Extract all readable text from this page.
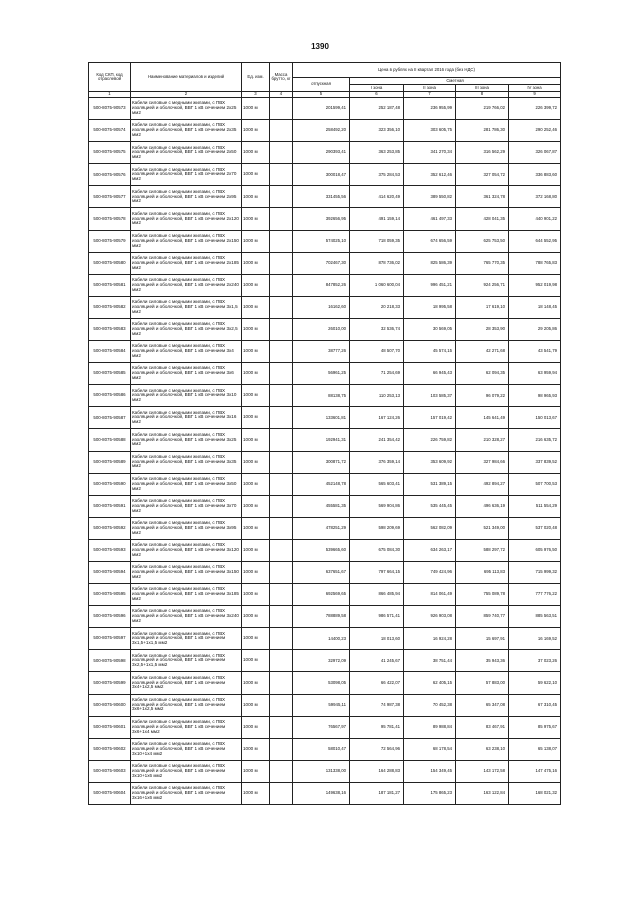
1390
Код СКП, код отраслевой	Наименование материалов и изделий	Ед. изм.	Масса брутто, кг	Цена в рублях на II квартал 2016 года (без НДС)				
				отпускная	Сметная			
					I зона	II зона	III зона	IV зона
1	2	3	4	5	6	7	8	9
500-8075-90573	Кабели силовые с медными жилами, с ПВХ изоляцией и оболочкой, ВВГ 1 кВ сечением 2х25 мм2	1000 м		201599,41	252 187,48	236 955,99	219 766,02	226 399,72
500-8075-90574	Кабели силовые с медными жилами, с ПВХ изоляцией и оболочкой, ВВГ 1 кВ сечением 2х35 мм2	1000 м		258492,20	323 356,10	303 605,75	281 786,30	290 252,46
500-8075-90575	Кабели силовые с медными жилами, с ПВХ изоляцией и оболочкой, ВВГ 1 кВ сечением 2х50 мм2	1000 м		290393,41	363 253,85	341 270,34	316 562,29	326 067,87
500-8075-90576	Кабели силовые с медными жилами, с ПВХ изоляцией и оболочкой, ВВГ 1 кВ сечением 2х70 мм2	1000 м		300018,47	375 284,53	352 612,46	327 054,72	336 883,60
500-8075-90577	Кабели силовые с медными жилами, с ПВХ изоляцией и оболочкой, ВВГ 1 кВ сечением 2х95 мм2	1000 м		331455,56	414 620,49	389 550,82	361 324,78	372 168,80
500-8075-90578	Кабели силовые с медными жилами, с ПВХ изоляцией и оболочкой, ВВГ 1 кВ сечением 2х120 мм2	1000 м		392656,95	491 159,14	461 497,33	428 041,35	440 901,22
500-8075-90579	Кабели силовые с медными жилами, с ПВХ изоляцией и оболочкой, ВВГ 1 кВ сечением 2х150 мм2	1000 м		574025,10	718 059,35	674 656,59	625 753,50	644 552,95
500-8075-90580	Кабели силовые с медными жилами, с ПВХ изоляцией и оболочкой, ВВГ 1 кВ сечением 2х185 мм2	1000 м		702467,30	878 736,02	825 586,39	765 770,35	788 765,83
500-8075-90581	Кабели силовые с медными жилами, с ПВХ изоляцией и оболочкой, ВВГ 1 кВ сечением 2х240 мм2	1000 м		847852,26	1 060 600,04	996 451,21	924 256,71	952 019,98
500-8075-90582	Кабели силовые с медными жилами, с ПВХ изоляцией и оболочкой, ВВГ 1 кВ сечением 3х1,5 мм2	1000 м		16162,60	20 218,33	18 995,58	17 619,10	18 148,45
500-8075-90583	Кабели силовые с медными жилами, с ПВХ изоляцией и оболочкой, ВВГ 1 кВ сечением 3х2,5 мм2	1000 м		26010,00	32 536,74	30 569,05	28 353,90	29 205,86
500-8075-90584	Кабели силовые с медными жилами, с ПВХ изоляцией и оболочкой, ВВГ 1 кВ сечением 3х4 мм2	1000 м		38777,26	48 507,70	45 574,15	42 271,68	43 541,79
500-8075-90585	Кабели силовые с медными жилами, с ПВХ изоляцией и оболочкой, ВВГ 1 кВ сечением 3х6 мм2	1000 м		56961,25	71 254,69	66 945,43	62 094,35	63 959,94
500-8075-90586	Кабели силовые с медными жилами, с ПВХ изоляцией и оболочкой, ВВГ 1 кВ сечением 3х10 мм2	1000 м		88138,75	110 253,13	103 585,37	96 079,22	98 965,93
500-8075-90587	Кабели силовые с медными жилами, с ПВХ изоляцией и оболочкой, ВВГ 1 кВ сечением 3х16 мм2	1000 м		133601,81	167 124,26	157 019,42	145 641,49	150 013,67
500-8075-90588	Кабели силовые с медными жилами, с ПВХ изоляцией и оболочкой, ВВГ 1 кВ сечением 3х25 мм2	1000 м		192941,31	241 354,42	226 759,82	210 328,27	216 635,72
500-8075-90589	Кабели силовые с медными жилами, с ПВХ изоляцией и оболочкой, ВВГ 1 кВ сечением 3х35 мм2	1000 м		300871,72	376 359,14	353 609,92	327 984,66	337 839,52
500-8075-90590	Кабели силовые с медными жилами, с ПВХ изоляцией и оболочкой, ВВГ 1 кВ сечением 3х50 мм2	1000 м		452148,78	565 603,41	531 389,15	492 894,27	507 700,53
500-8075-90591	Кабели силовые с медными жилами, с ПВХ изоляцией и оболочкой, ВВГ 1 кВ сечением 3х70 мм2	1000 м		455581,35	569 904,86	535 445,45	496 636,19	511 554,29
500-8075-90592	Кабели силовые с медными жилами, с ПВХ изоляцией и оболочкой, ВВГ 1 кВ сечением 3х95 мм2	1000 м		478251,29	598 209,69	562 082,09	521 349,00	537 020,48
500-8075-90593	Кабели силовые с медными жилами, с ПВХ изоляцией и оболочкой, ВВГ 1 кВ сечением 3х120 мм2	1000 м		539665,60	675 084,30	634 263,17	588 297,72	605 976,50
500-8075-90594	Кабели силовые с медными жилами, с ПВХ изоляцией и оболочкой, ВВГ 1 кВ сечением 3х150 мм2	1000 м		637651,67	797 664,15	749 424,96	695 113,83	715 999,32
500-8075-90595	Кабели силовые с медными жилами, с ПВХ изоляцией и оболочкой, ВВГ 1 кВ сечением 3х185 мм2	1000 м		692569,65	866 485,94	814 061,49	755 089,78	777 776,22
500-8075-90596	Кабели силовые с медными жилами, с ПВХ изоляцией и оболочкой, ВВГ 1 кВ сечением 3х240 мм2	1000 м		788889,58	986 571,41	926 903,08	859 740,77	885 563,51
500-8075-90597	Кабели силовые с медными жилами, с ПВХ изоляцией и оболочкой, ВВГ 1 кВ сечением 3х1,5+1х1,5 мм2	1000 м		14400,23	18 013,60	16 924,28	15 697,91	16 169,52
500-8075-90598	Кабели силовые с медными жилами, с ПВХ изоляцией и оболочкой, ВВГ 1 кВ сечением 3х2,5+1х1,5 мм2	1000 м		32972,09	41 245,67	38 751,44	35 943,36	37 023,26
500-8075-90599	Кабели силовые с медными жилами, с ПВХ изоляцией и оболочкой, ВВГ 1 кВ сечением 3х4+1х2,5 мм2	1000 м		53098,05	66 422,07	62 405,15	57 883,00	59 622,10
500-8075-90600	Кабели силовые с медными жилами, с ПВХ изоляцией и оболочкой, ВВГ 1 кВ сечением 3х6+1х2,5 мм2	1000 м		59945,11	74 987,38	70 452,38	65 347,08	67 310,45
500-8075-90601	Кабели силовые с медными жилами, с ПВХ изоляцией и оболочкой, ВВГ 1 кВ сечением 3х6+1х4 мм2	1000 м		76567,97	95 781,41	89 988,84	83 467,91	85 975,67
500-8075-90602	Кабели силовые с медными жилами, с ПВХ изоляцией и оболочкой, ВВГ 1 кВ сечением 3х10+1х4 мм2	1000 м		58010,47	72 564,96	68 178,54	63 238,10	65 138,07
500-8075-90603	Кабели силовые с медными жилами, с ПВХ изоляцией и оболочкой, ВВГ 1 кВ сечением 3х10+1х6 мм2	1000 м		131338,00	164 288,83	154 349,45	143 172,58	147 475,16
500-8075-90604	Кабели силовые с медными жилами, с ПВХ изоляцией и оболочкой, ВВГ 1 кВ сечением 3х16+1х6 мм2	1000 м		149638,16	187 181,27	175 865,23	163 122,84	168 021,32
